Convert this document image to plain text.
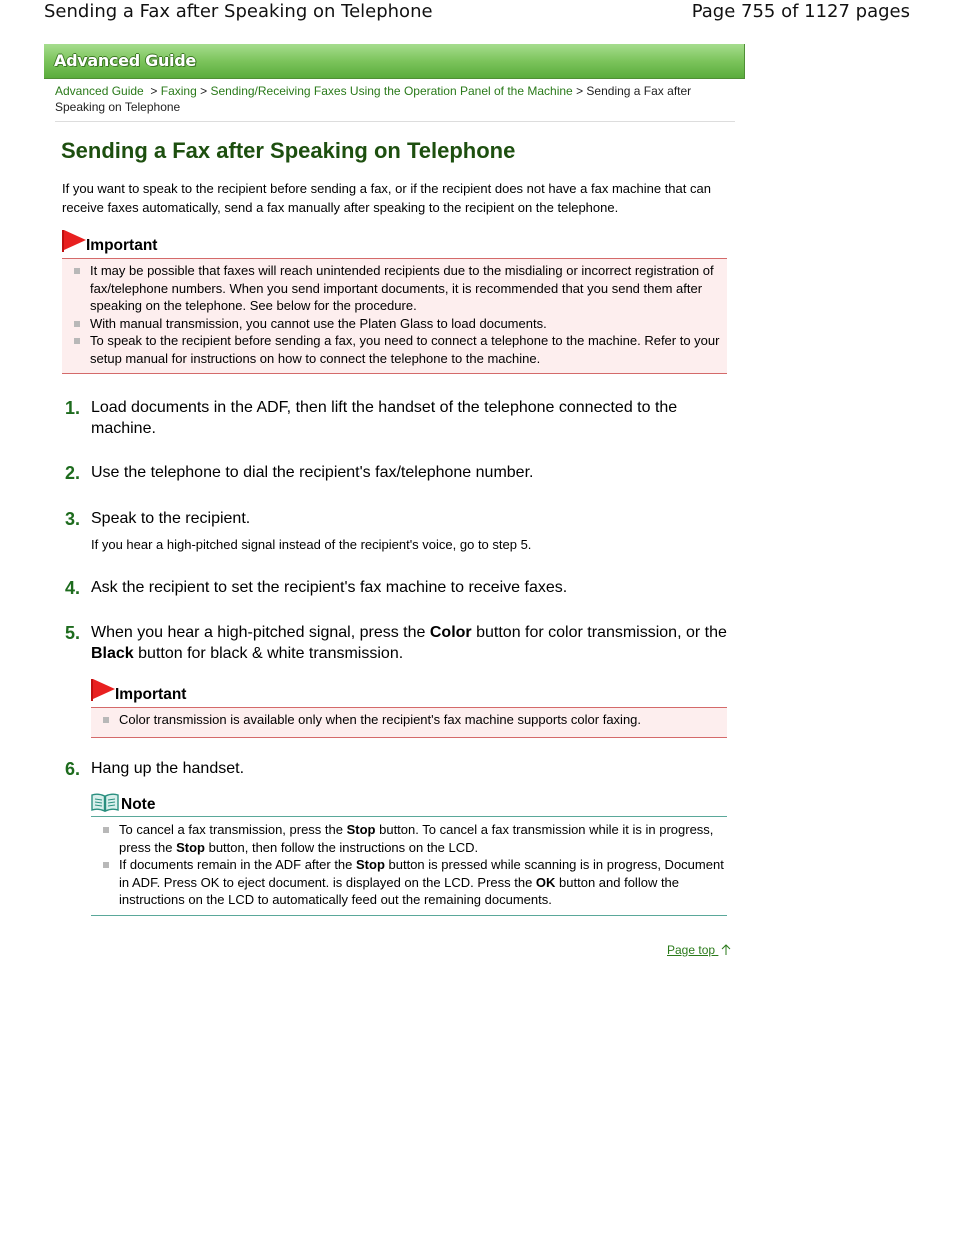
Sending a Fax after Speaking on Telephone	Page 755 of 1127 pages
Advanced Guide
Advanced Guide > Faxing > Sending/Receiving Faxes Using the Operation Panel of the Machine > Sending a Fax after Speaking on Telephone
Sending a Fax after Speaking on Telephone
If you want to speak to the recipient before sending a fax, or if the recipient does not have a fax machine that can receive faxes automatically, send a fax manually after speaking to the recipient on the telephone.
Important
It may be possible that faxes will reach unintended recipients due to the misdialing or incorrect registration of fax/telephone numbers. When you send important documents, it is recommended that you send them after speaking on the telephone. See below for the procedure.
With manual transmission, you cannot use the Platen Glass to load documents.
To speak to the recipient before sending a fax, you need to connect a telephone to the machine. Refer to your setup manual for instructions on how to connect the telephone to the machine.
1. Load documents in the ADF, then lift the handset of the telephone connected to the machine.
2. Use the telephone to dial the recipient's fax/telephone number.
3. Speak to the recipient.
If you hear a high-pitched signal instead of the recipient's voice, go to step 5.
4. Ask the recipient to set the recipient's fax machine to receive faxes.
5. When you hear a high-pitched signal, press the Color button for color transmission, or the Black button for black & white transmission.
Important
Color transmission is available only when the recipient's fax machine supports color faxing.
6. Hang up the handset.
Note
To cancel a fax transmission, press the Stop button. To cancel a fax transmission while it is in progress, press the Stop button, then follow the instructions on the LCD.
If documents remain in the ADF after the Stop button is pressed while scanning is in progress, Document in ADF. Press OK to eject document. is displayed on the LCD. Press the OK button and follow the instructions on the LCD to automatically feed out the remaining documents.
Page top
